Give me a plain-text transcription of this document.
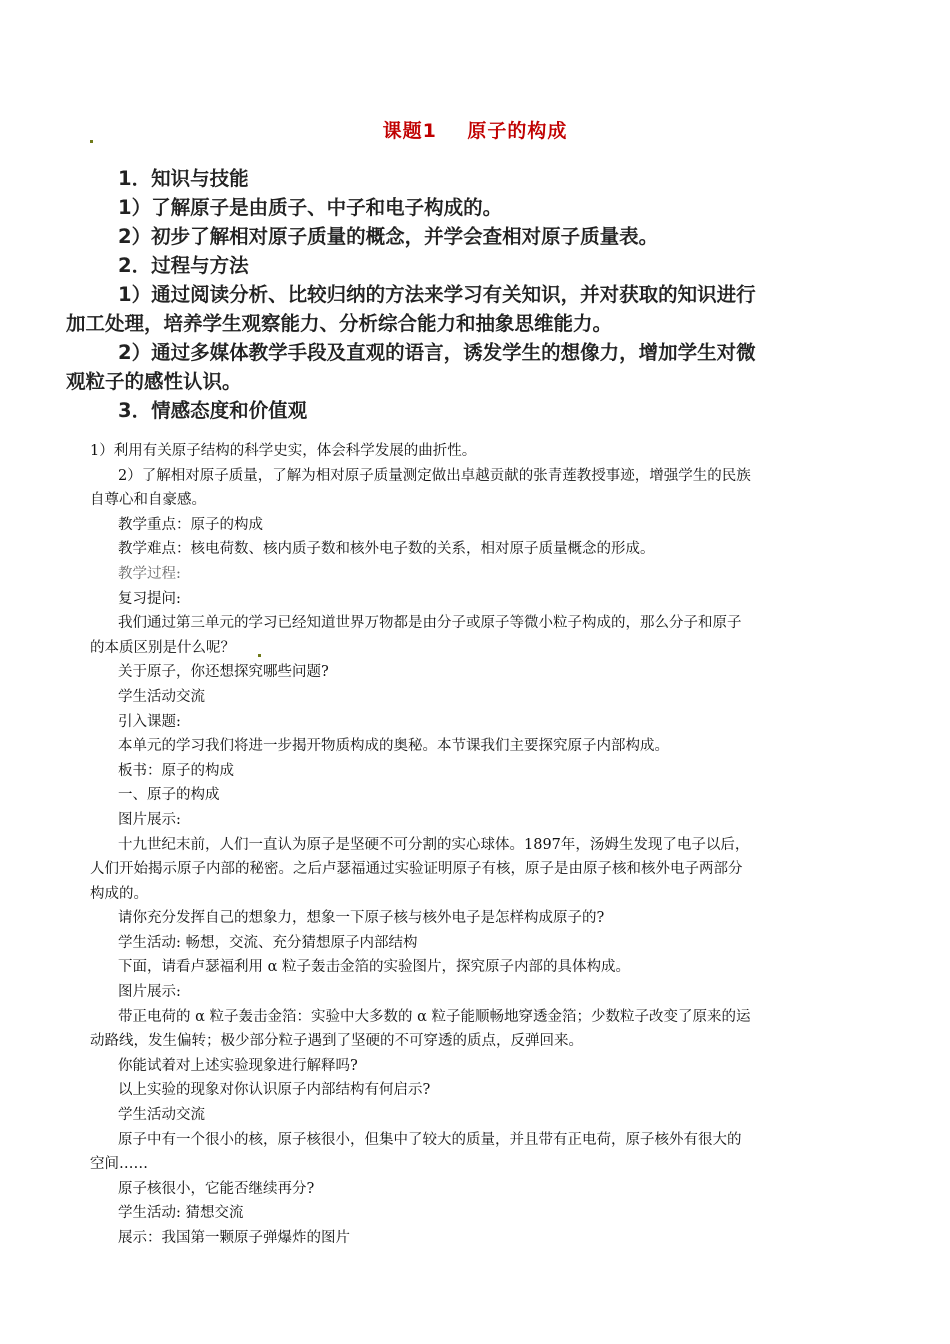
课题1    原子的构成
1．知识与技能
1）了解原子是由质子、中子和电子构成的。
2）初步了解相对原子质量的概念，并学会查相对原子质量表。
2．过程与方法
1）通过阅读分析、比较归纳的方法来学习有关知识，并对获取的知识进行
加工处理，培养学生观察能力、分析综合能力和抽象思维能力。
2）通过多媒体教学手段及直观的语言，诱发学生的想像力，增加学生对微
观粒子的感性认识。
3．情感态度和价值观
1）利用有关原子结构的科学史实，体会科学发展的曲折性。
2）了解相对原子质量，了解为相对原子质量测定做出卓越贡献的张青莲教授事迹，增强学生的民族
自尊心和自豪感。
教学重点：原子的构成
教学难点：核电荷数、核内质子数和核外电子数的关系，相对原子质量概念的形成。
教学过程:
复习提问:
我们通过第三单元的学习已经知道世界万物都是由分子或原子等微小粒子构成的，那么分子和原子
的本质区别是什么呢？
关于原子，你还想探究哪些问题?
学生活动交流
引入课题:
本单元的学习我们将进一步揭开物质构成的奥秘。本节课我们主要探究原子内部构成。
板书：原子的构成
一、原子的构成
图片展示:
十九世纪末前，人们一直认为原子是坚硬不可分割的实心球体。1897年，汤姆生发现了电子以后，
人们开始揭示原子内部的秘密。之后卢瑟福通过实验证明原子有核，原子是由原子核和核外电子两部分
构成的。
请你充分发挥自己的想象力，想象一下原子核与核外电子是怎样构成原子的?
学生活动: 畅想，交流、充分猜想原子内部结构
下面，请看卢瑟福利用 α 粒子轰击金箔的实验图片，探究原子内部的具体构成。
图片展示:
带正电荷的 α 粒子轰击金箔：实验中大多数的 α 粒子能顺畅地穿透金箔；少数粒子改变了原来的运
动路线，发生偏转；极少部分粒子遇到了坚硬的不可穿透的质点，反弹回来。
你能试着对上述实验现象进行解释吗?
以上实验的现象对你认识原子内部结构有何启示?
学生活动交流
原子中有一个很小的核，原子核很小，但集中了较大的质量，并且带有正电荷，原子核外有很大的
空间……
原子核很小，它能否继续再分?
学生活动: 猜想交流
展示：我国第一颗原子弹爆炸的图片
